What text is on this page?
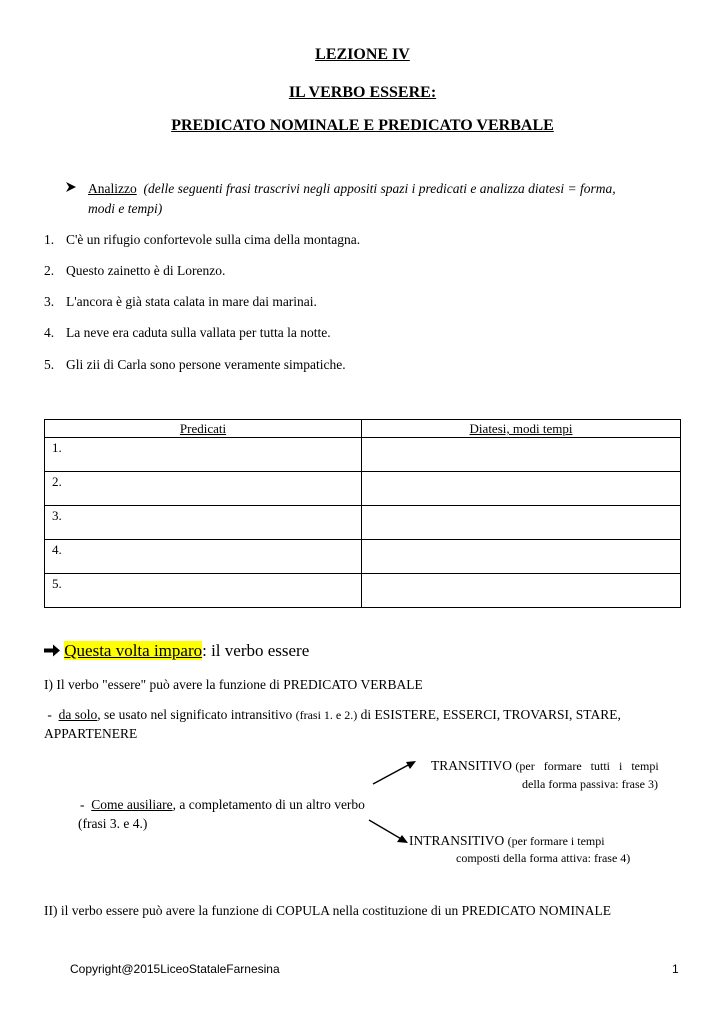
LEZIONE IV
IL VERBO ESSERE:
PREDICATO NOMINALE E PREDICATO VERBALE
Analizzo (delle seguenti frasi trascrivi negli appositi spazi i predicati e analizza diatesi = forma,
modi e tempi)
1. C'è un rifugio confortevole sulla cima della montagna.
2. Questo zainetto è di Lorenzo.
3. L'ancora è già stata calata in mare dai marinai.
4. La neve era caduta sulla vallata per tutta la notte.
5. Gli zii di Carla sono persone veramente simpatiche.
Predicati	Diatesi, modi tempi
1.	
2.	
3.	
4.	
5.	
Questa volta imparo: il verbo essere
I) Il verbo "essere" può avere la funzione di PREDICATO VERBALE
-  da solo, se usato nel significato intransitivo (frasi 1. e 2.) di ESISTERE, ESSERCI, TROVARSI, STARE,
APPARTENERE
TRANSITIVO (per formare tutti i tempi
della forma passiva: frase 3)
-  Come ausiliare, a completamento di un altro verbo
(frasi 3. e 4.)
INTRANSITIVO (per formare i tempi
composti della forma attiva: frase 4)
II) il verbo essere può avere la funzione di COPULA nella costituzione di un PREDICATO NOMINALE
Copyright@2015LiceoStataleFarnesina	1
